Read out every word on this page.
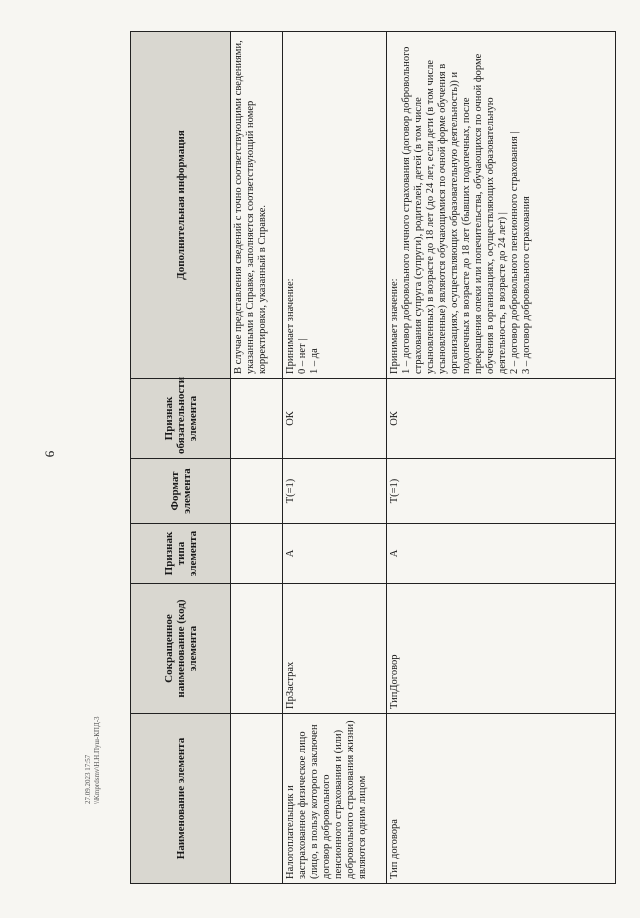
9
27.09.2023 17:57 \\Kmprdsmv\Н.Н.Пуш-КПД-3	Наименование элемента	Сокращенное наименование (код) элемента	Признак типа элемента	Формат элемента	Признак обязательности элемента	Дополнительная информация
					В случае представления сведений с точно соответствующими сведениями, указанными в Справке, заполняется соответствующий номер корректировки, указанный в Справке.
Налогоплательщик и застрахованное физическое лицо (лицо, в пользу которого заключен договор добровольного пенсионного страхования и (или) добровольного страхования жизни) являются одним лицом	ПрЗастрах	А	T(=1)	ОК	Принимает значение: 0 – нет | 1 – да

Тип договора	ТипДоговор	А	T(=1)	ОК	Принимает значение: 1 – договор добровольного личного страхования (договор добровольного страхования супруга (супруги), родителей, детей (в том числе усыновленных) в возрасте до 18 лет (до 24 лет, если дети (в том числе усыновленные) являются обучающимися по очной форме обучения в организациях, осуществляющих образовательную деятельность)) и подопечных в возрасте до 18 лет (бывших подопечных, после прекращения опеки или попечительства, обучающихся по очной форме обучения в организациях, осуществляющих образовательную деятельность, в возрасте до 24 лет) | 2 – договор добровольного пенсионного страхования | 3 – договор добровольного страхования
